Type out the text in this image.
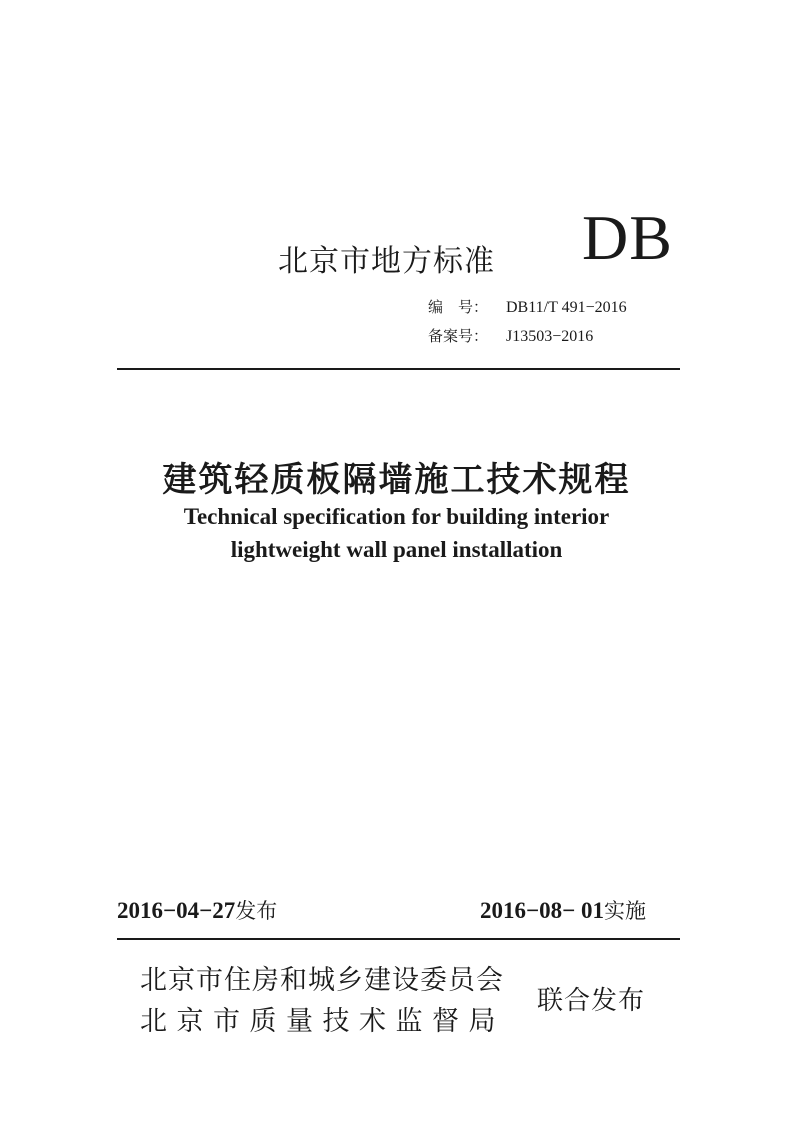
北京市地方标准 DB
编　号：	DB11/T 491−2016
备案号：	J13503−2016
建筑轻质板隔墙施工技术规程
Technical specification for building interior
lightweight wall panel installation
2016−04−27发布	2016−08− 01实施
北京市住房和城乡建设委员会
北京市质量技术监督局
联合发布
